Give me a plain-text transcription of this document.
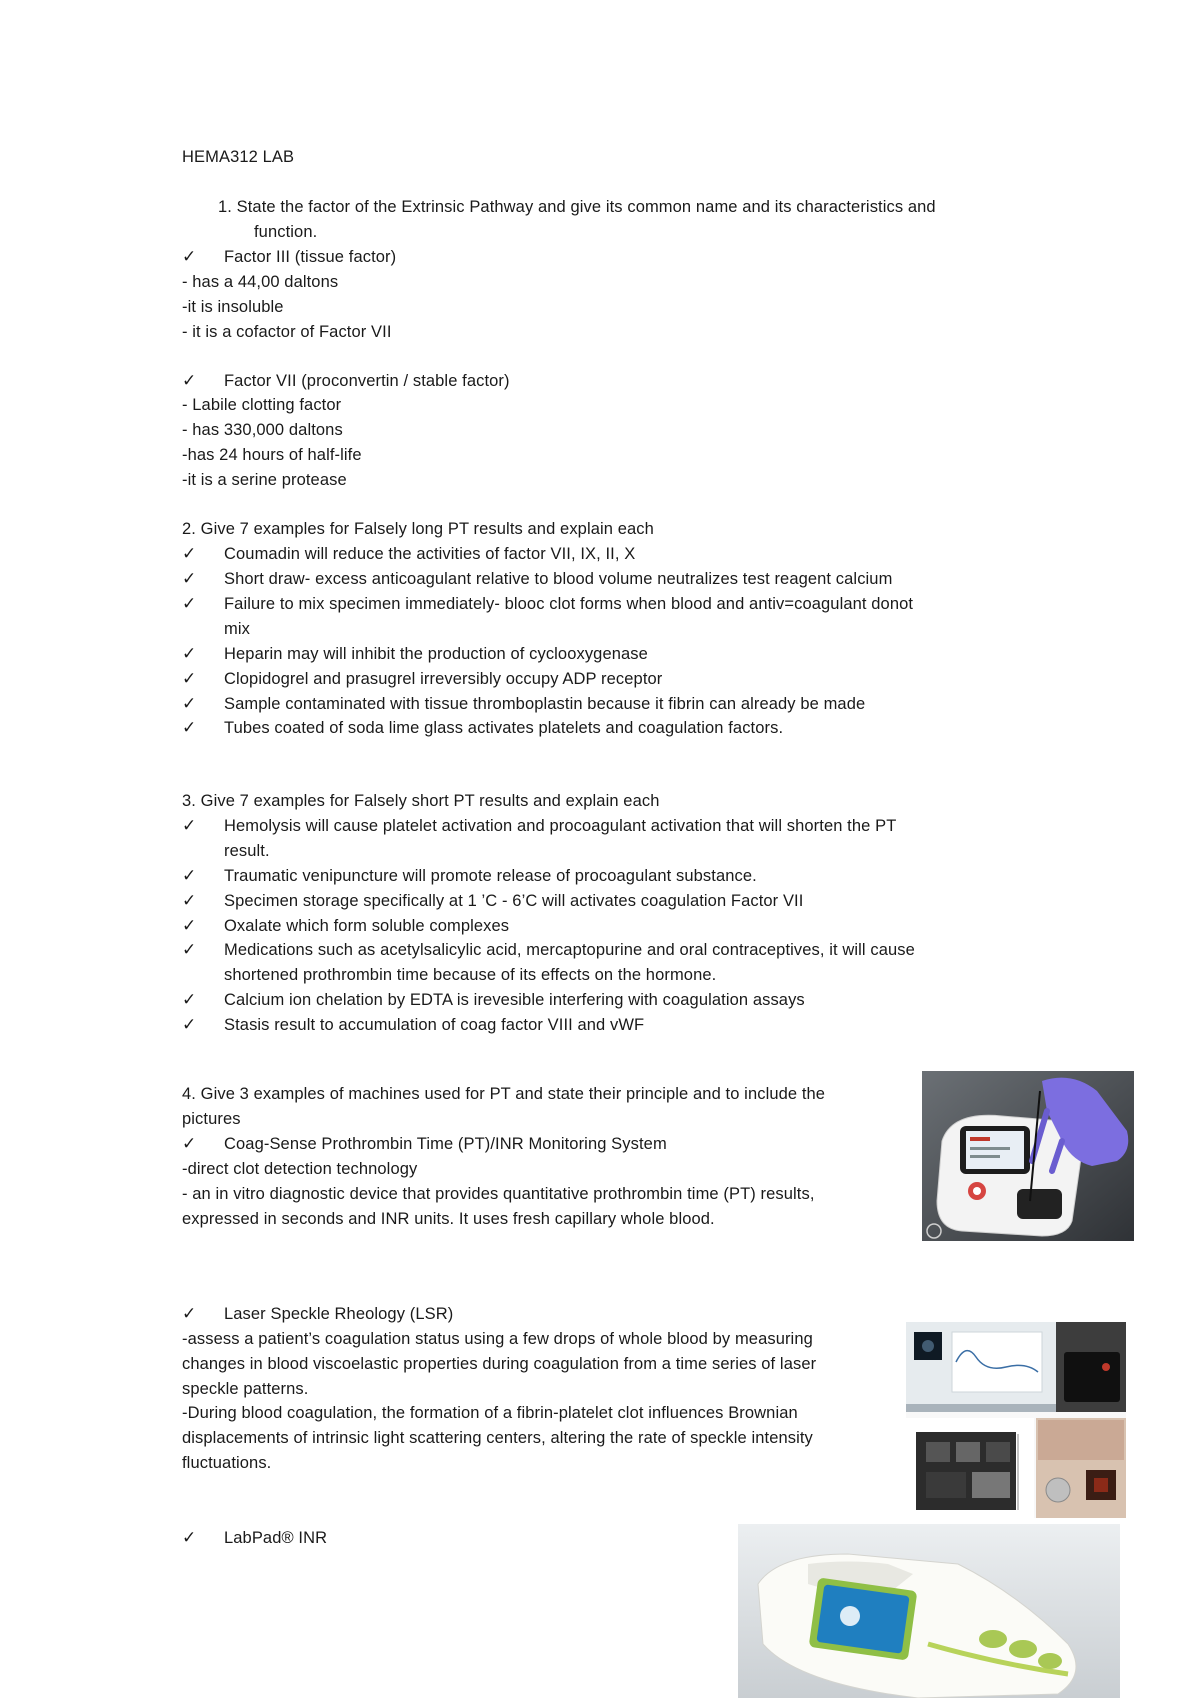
HEMA312 LAB
1. State the factor of the Extrinsic Pathway and give its common name and its characteristics and
function.
✓	Factor III (tissue factor)
- has a 44,00 daltons
-it is insoluble
- it is a cofactor of Factor VII
✓	Factor VII (proconvertin / stable factor)
- Labile clotting factor
- has 330,000 daltons
-has 24 hours of half-life
-it is a serine protease
2. Give 7 examples for Falsely long PT results and explain each
✓	Coumadin will reduce the activities of factor VII, IX, II, X
✓	Short draw- excess anticoagulant relative to blood volume neutralizes test reagent calcium
✓	Failure to mix specimen immediately- blooc clot forms when blood and antiv=coagulant donot
mix
✓	Heparin may will inhibit the production of cyclooxygenase
✓	Clopidogrel and prasugrel irreversibly occupy ADP receptor
✓	Sample contaminated with tissue thromboplastin because it fibrin can already be made
✓	Tubes coated of soda lime glass activates platelets and coagulation factors.
3. Give 7 examples for Falsely short PT results and explain each
✓	Hemolysis will cause platelet activation and procoagulant activation that will shorten the PT
result.
✓	Traumatic venipuncture will promote release of procoagulant substance.
✓	Specimen storage specifically at 1 ’C - 6’C will activates coagulation Factor VII
✓	Oxalate which form soluble complexes
✓	Medications such as acetylsalicylic acid, mercaptopurine and oral contraceptives, it will cause
shortened prothrombin time because of its effects on the hormone.
✓	Calcium ion chelation by EDTA is irevesible interfering with coagulation assays
✓	Stasis result to accumulation of coag factor VIII and vWF
4. Give 3 examples of machines used for PT and state their principle and to include the
pictures
✓	Coag-Sense Prothrombin Time (PT)/INR Monitoring System
-direct clot detection technology
- an in vitro diagnostic device that provides quantitative prothrombin time (PT) results,
expressed in seconds and INR units. It uses fresh capillary whole blood.
✓	Laser Speckle Rheology (LSR)
-assess a patient’s coagulation status using a few drops of whole blood by measuring
changes in blood viscoelastic properties during coagulation from a time series of laser
speckle patterns.
-During blood coagulation, the formation of a fibrin-platelet clot influences Brownian
displacements of intrinsic light scattering centers, altering the rate of speckle intensity
fluctuations.
✓	LabPad® INR
